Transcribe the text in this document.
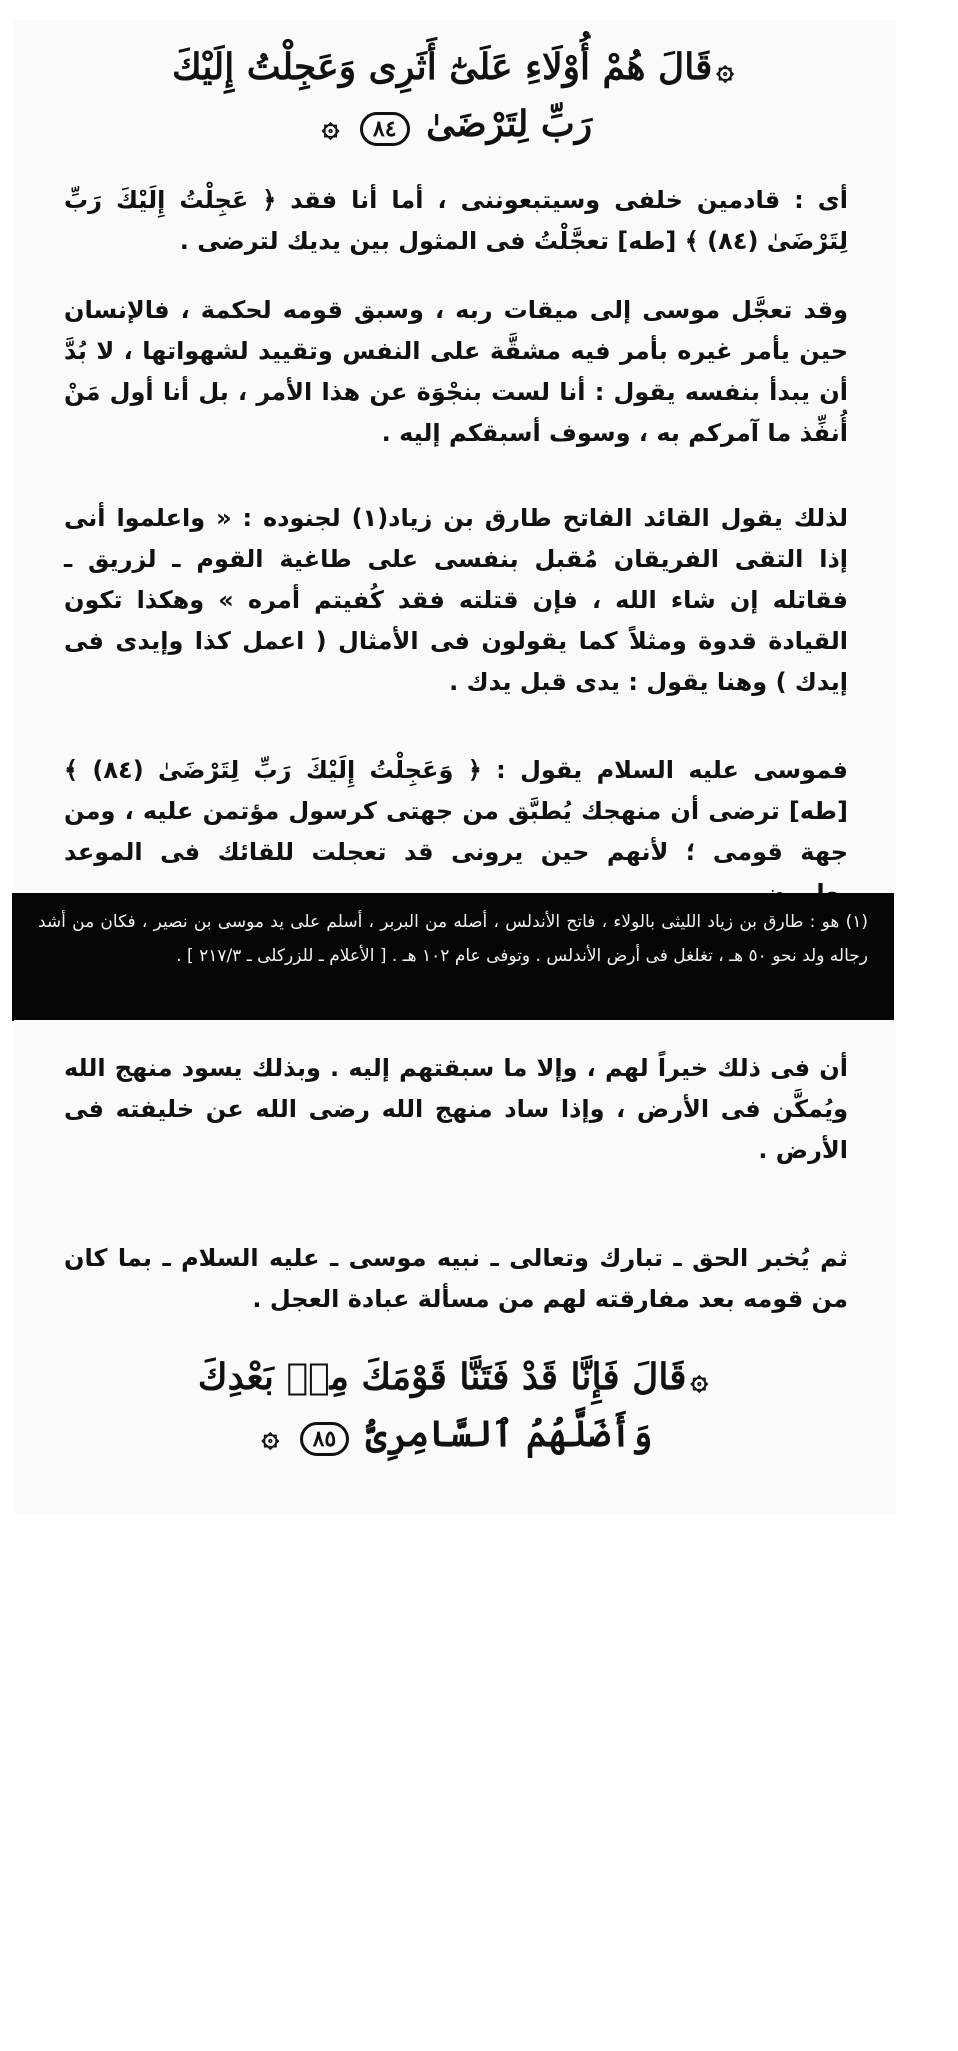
۞قَالَ هُمْ أُوْلَاءِ عَلَىٰٓ أَثَرِى وَعَجِلْتُ إِلَيْكَ
رَبِّ لِتَرْضَىٰ ٨٤ ۞

أى : قادمين خلفى وسيتبعوننى ، أما أنا فقد ﴿ عَجِلْتُ إِلَيْكَ رَبِّ لِتَرْضَىٰ (٨٤) ﴾ [طه] تعجَّلْتُ فى المثول بين يديك لترضى .

وقد تعجَّل موسى إلى ميقات ربه ، وسبق قومه لحكمة ، فالإنسان حين يأمر غيره بأمر فيه مشقَّة على النفس وتقييد لشهواتها ، لا بُدَّ أن يبدأ بنفسه يقول : أنا لست بنجْوَة عن هذا الأمر ، بل أنا أول مَنْ أُنفِّذ ما آمركم به ، وسوف أسبقكم إليه .

لذلك يقول القائد الفاتح طارق بن زياد(١) لجنوده : « واعلموا أنى إذا التقى الفريقان مُقبل بنفسى على طاغية القوم ـ لزريق ـ فقاتله إن شاء الله ، فإن قتلته فقد كُفيتم أمره » وهكذا تكون القيادة قدوة ومثلاً كما يقولون فى الأمثال ( اعمل كذا وإيدى فى إيدك ) وهنا يقول : يدى قبل يدك .

فموسى عليه السلام يقول : ﴿ وَعَجِلْتُ إِلَيْكَ رَبِّ لِتَرْضَىٰ (٨٤) ﴾ [طه] ترضى أن منهجك يُطبَّق من جهتى كرسول مؤتمن عليه ، ومن جهة قومى ؛ لأنهم حين يرونى قد تعجلت للقائك فى الموعد

(١) هو : طارق بن زياد الليثى بالولاء ، فاتح الأندلس ، أصله من البربر ، أسلم على يد موسى بن نصير ، فكان من أشد رجاله ولد نحو ٥٠ هـ ، تغلغل فى أرض الأندلس . وتوفى عام ١٠٢ هـ . [ الأعلام ـ للزركلى ـ ٢١٧/٣ ] .

أن فى ذلك خيراً لهم ، وإلا ما سبقتهم إليه . وبذلك يسود منهج الله ويُمكَّن فى الأرض ، وإذا ساد منهج الله رضى الله عن خليفته فى الأرض .

ثم يُخبر الحق ـ تبارك وتعالى ـ نبيه موسى ـ عليه السلام ـ بما كان من قومه بعد مفارقته لهم من مسألة عبادة العجل .

۞قَالَ فَإِنَّا قَدْ فَتَنَّا قَوْمَكَ مِنۢ بَعْدِكَ
وَأَضَلَّهُمُ ٱلسَّامِرِىُّ ٨٥ ۞
